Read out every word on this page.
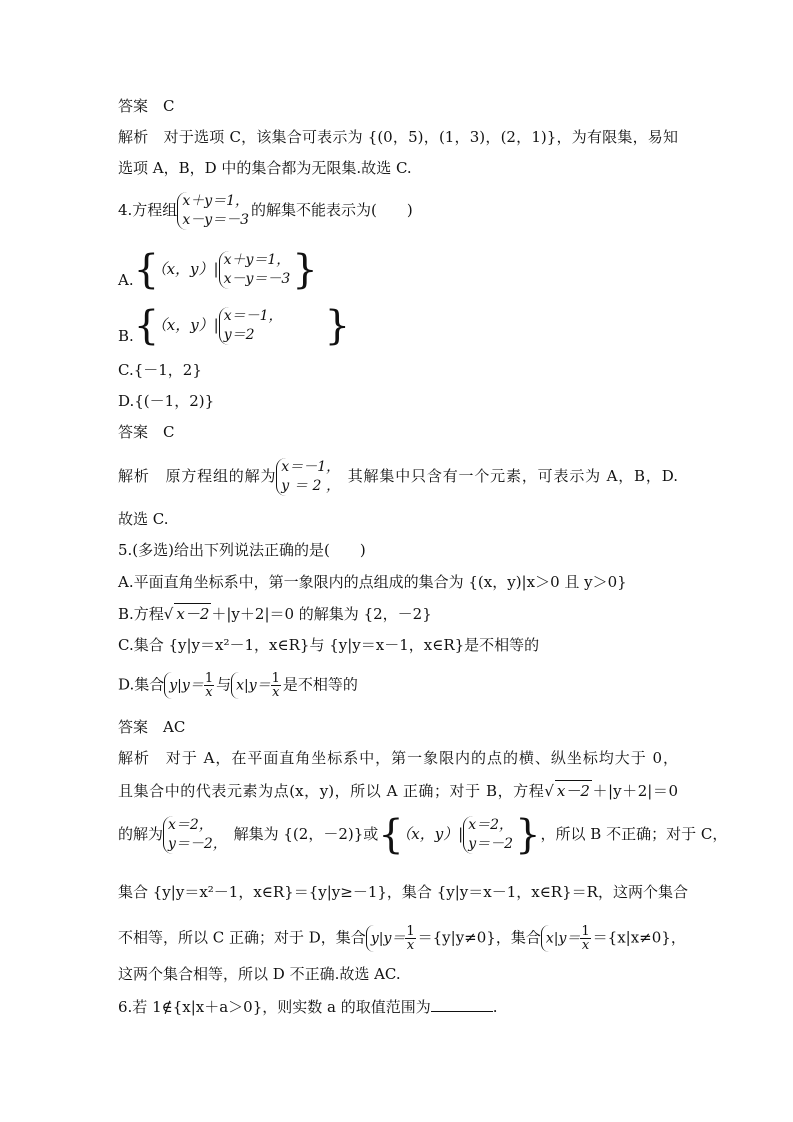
答案　C
解析　对于选项 C，该集合可表示为 {(0，5)，(1，3)，(2，1)}，为有限集，易知
选项 A，B，D 中的集合都为无限集.故选 C.
4.方程组 x＋y＝1，
x－y＝－3
的解集不能表示为(　　)
A.{（x，y）| x＋y＝1，
x－y＝－3 }
B.{（x，y）| x＝－1，
y＝2	}
C.{－1，2}
D.{(－1，2)}
答案　C
解析　原方程组的解为 x＝－1，
y＝2，
其解集中只含有一个元素，可表示为 A，B，D.
故选 C.
5.(多选)给出下列说法正确的是(　　)
A.平面直角坐标系中，第一象限内的点组成的集合为 {(x，y)|x＞0 且 y＞0}
B.方程√ x－2 ＋|y＋2|＝0 的解集为 {2，－2}
C.集合 {y|y＝x²－1，x∈R}与 {y|y＝x－1，x∈R}是不相等的
D.集合 $y|y= \frac{1}{x}$ 与 $x|y= \frac{1}{x}$ 是不相等的
答案　AC
解析　对于 A，在平面直角坐标系中，第一象限内的点的横、纵坐标均大于 0，
且集合中的代表元素为点(x，y)，所以 A 正确；对于 B，方程√ x－2 ＋|y＋2|＝0
的解为 x＝2，
y＝－2，
解集为 {(2，－2)}或{（x，y）| x＝2，
y＝－2 }，所以 B 不正确；对于 C，
集合 {y|y＝x²－1，x∈R}＝{y|y≥－1}，集合 {y|y＝x－1，x∈R}＝R，这两个集合
不相等，所以 C 正确；对于 D，集合 $y|y= \frac{1}{x} =\{y|y\ne 0\}$，集合 $x|y= \frac{1}{x} =\{x|x\ne 0\}$，
这两个集合相等，所以 D 不正确.故选 AC.
6.若 1∉{x|x＋a＞0}，则实数 a 的取值范围为	.
